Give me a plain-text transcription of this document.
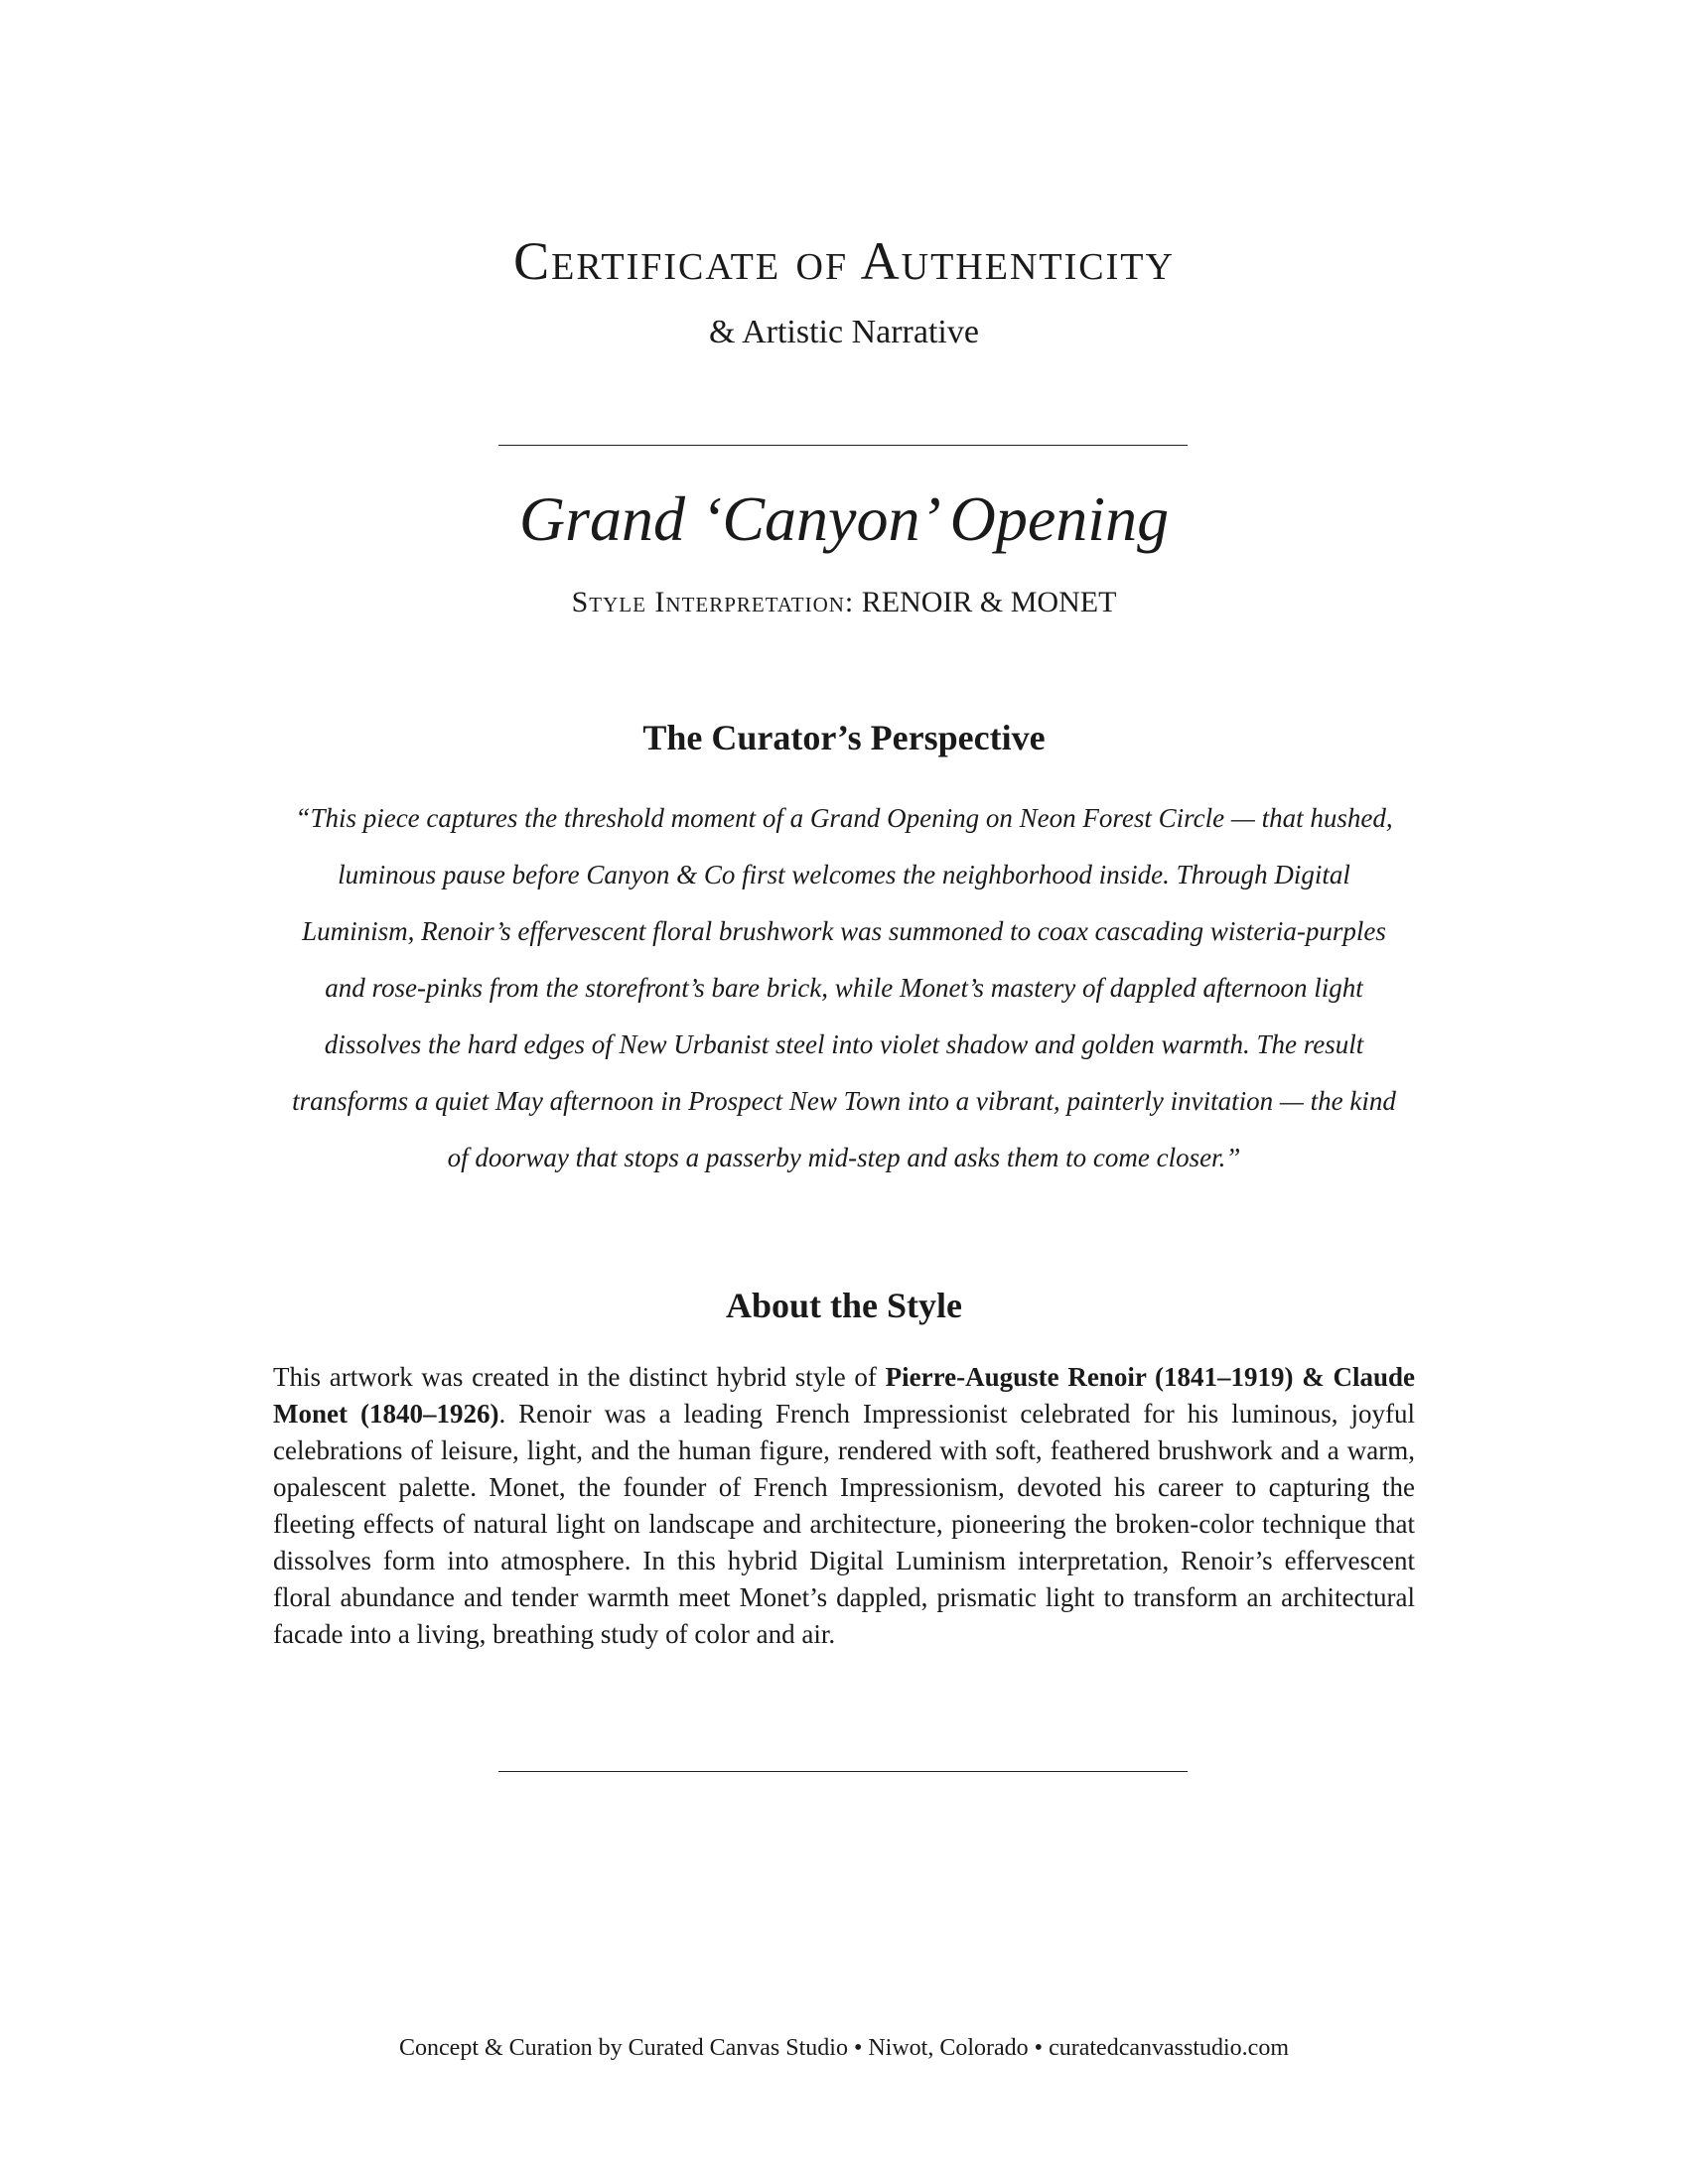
Certificate of Authenticity

& Artistic Narrative

Grand ‘Canyon’ Opening

Style Interpretation: RENOIR & MONET

The Curator’s Perspective

“This piece captures the threshold moment of a Grand Opening on Neon Forest Circle — that hushed, luminous pause before Canyon & Co first welcomes the neighborhood inside. Through Digital Luminism, Renoir’s effervescent floral brushwork was summoned to coax cascading wisteria-purples and rose-pinks from the storefront’s bare brick, while Monet’s mastery of dappled afternoon light dissolves the hard edges of New Urbanist steel into violet shadow and golden warmth. The result transforms a quiet May afternoon in Prospect New Town into a vibrant, painterly invitation — the kind of doorway that stops a passerby mid-step and asks them to come closer.”

About the Style

This artwork was created in the distinct hybrid style of Pierre-Auguste Renoir (1841–1919) & Claude Monet (1840–1926). Renoir was a leading French Impressionist celebrated for his luminous, joyful celebrations of leisure, light, and the human figure, rendered with soft, feathered brushwork and a warm, opalescent palette. Monet, the founder of French Impressionism, devoted his career to capturing the fleeting effects of natural light on landscape and architecture, pioneering the broken-color technique that dissolves form into atmosphere. In this hybrid Digital Luminism interpretation, Renoir’s effervescent floral abundance and tender warmth meet Monet’s dappled, prismatic light to transform an architectural facade into a living, breathing study of color and air.

Concept & Curation by Curated Canvas Studio • Niwot, Colorado • curatedcanvasstudio.com
